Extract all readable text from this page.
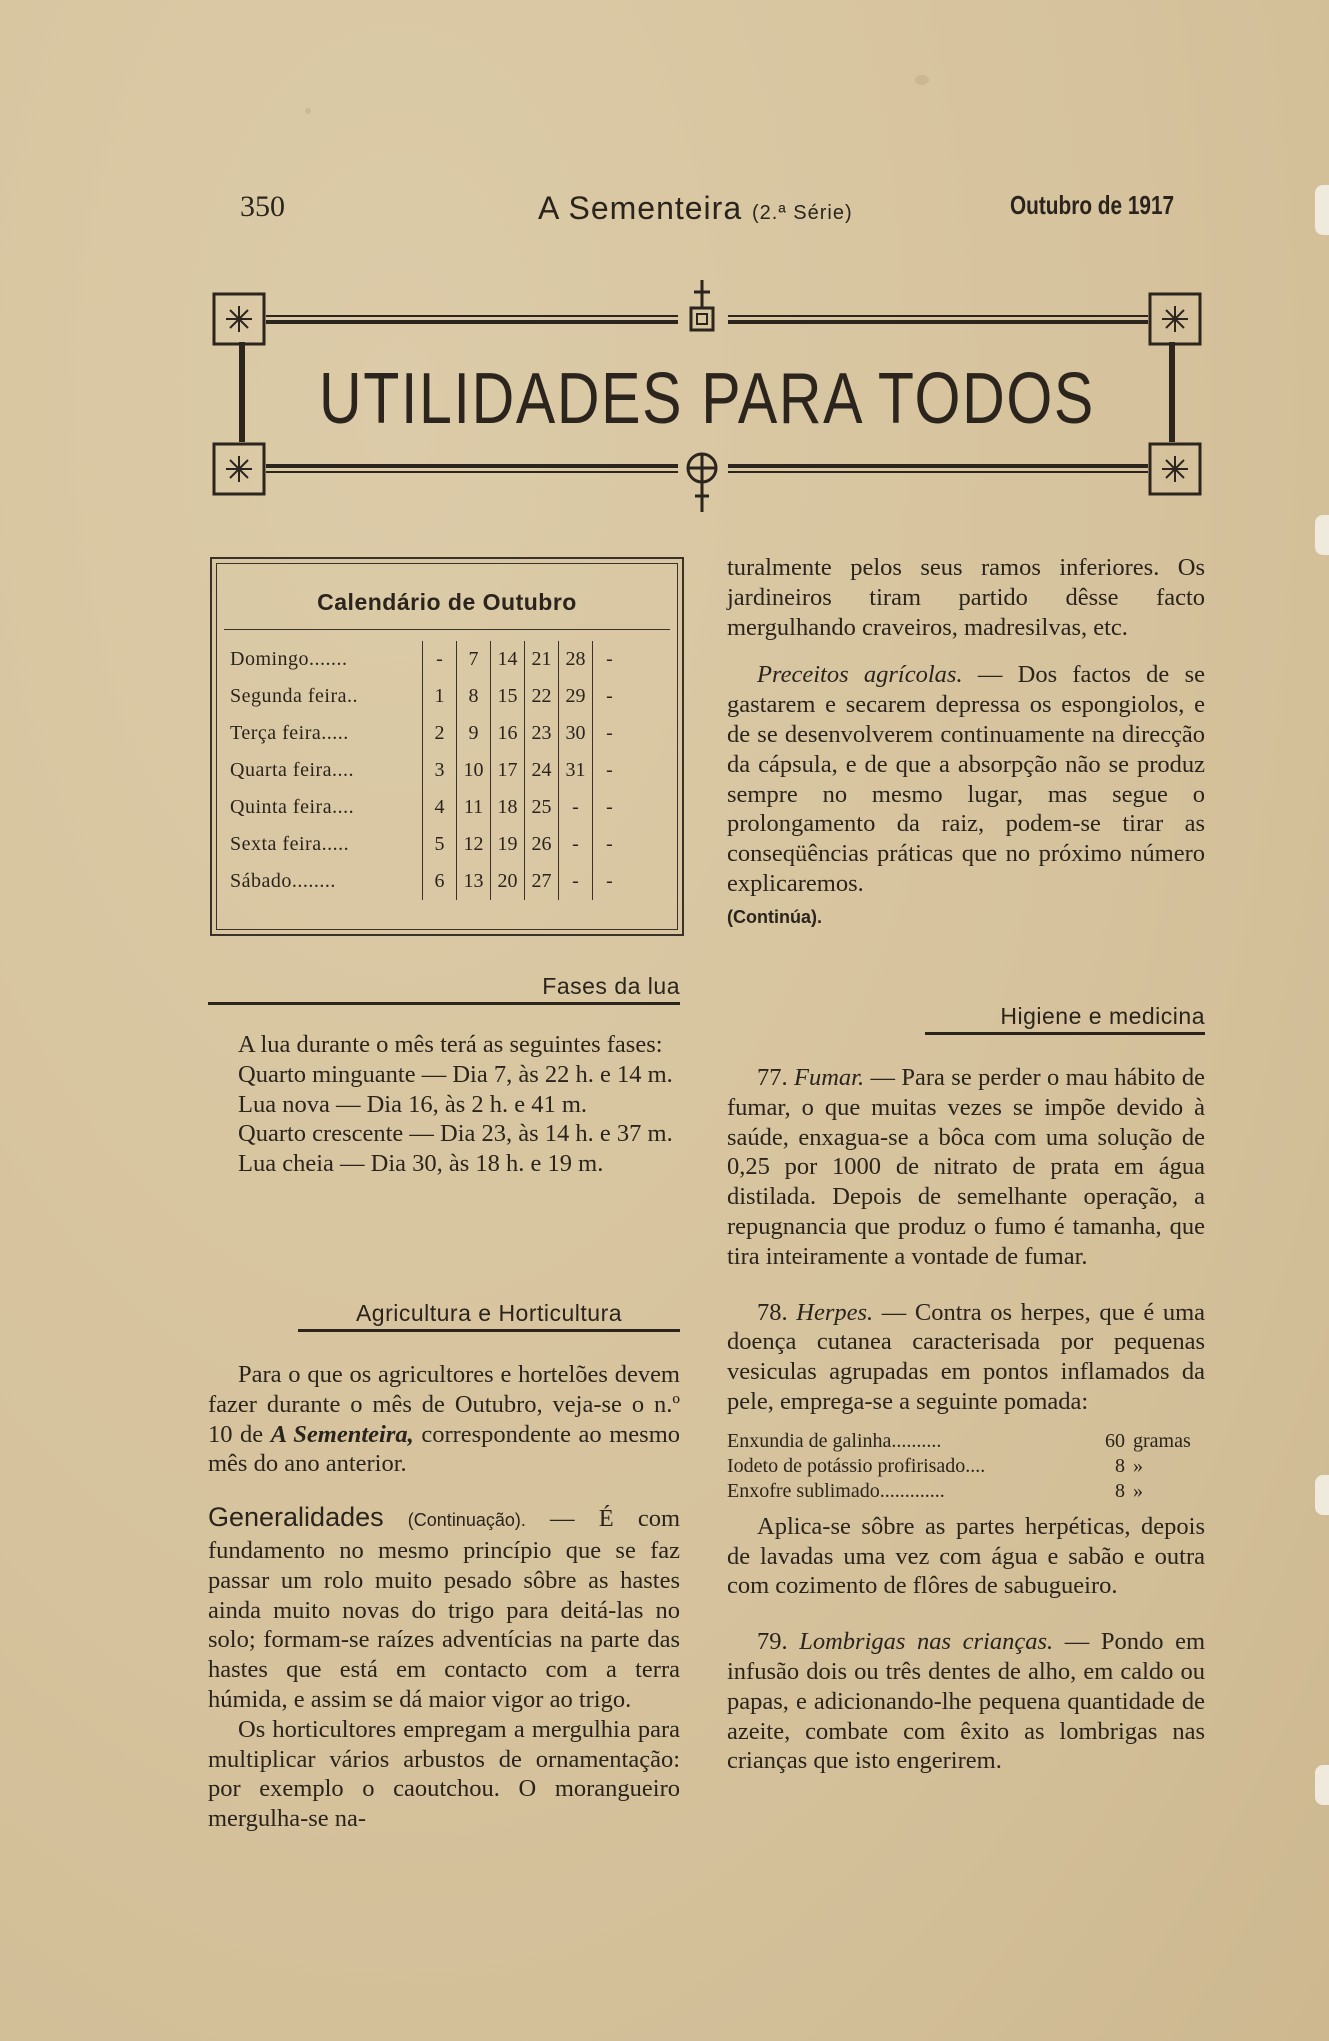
350	A Sementeira (2.ª Série)	Outubro de 1917
UTILIDADES PARA TODOS
Calendário de Outubro
Domingo.......	-	7	14	21	28	-
Segunda feira..	1	8	15	22	29	-
Terça feira.....	2	9	16	23	30	-
Quarta feira....	3	10	17	24	31	-
Quinta feira....	4	11	18	25	-	-
Sexta feira.....	5	12	19	26	-	-
Sábado........	6	13	20	27	-	-
Fases da lua

A lua durante o mês terá as seguintes fases:

Quarto minguante — Dia 7, às 22 h. e 14 m.

Lua nova — Dia 16, às 2 h. e 41 m.

Quarto crescente — Dia 23, às 14 h. e 37 m.

Lua cheia — Dia 30, às 18 h. e 19 m.

Agricultura e Horticultura

Para o que os agricultores e hortelões devem fazer durante o mês de Outubro, veja-se o n.º 10 de A Sementeira, correspondente ao mesmo mês do ano anterior.

Generalidades (Continuação). — É com fundamento no mesmo princípio que se faz passar um rolo muito pesado sôbre as hastes ainda muito novas do trigo para deitá-las no solo; formam-se raízes adventícias na parte das hastes que está em contacto com a terra húmida, e assim se dá maior vigor ao trigo.

Os horticultores empregam a mergulhia para multiplicar vários arbustos de ornamentação: por exemplo o caoutchou. O morangueiro mergulha-se na-

turalmente pelos seus ramos inferiores. Os jardineiros tiram partido dêsse facto mergulhando craveiros, madresilvas, etc.

Preceitos agrícolas. — Dos factos de se gastarem e secarem depressa os espongiolos, e de se desenvolverem continuamente na direcção da cápsula, e de que a absorpção não se produz sempre no mesmo lugar, mas segue o prolongamento da raiz, podem-se tirar as conseqüências práticas que no próximo número explicaremos.

(Continúa).

Higiene e medicina

77. Fumar. — Para se perder o mau hábito de fumar, o que muitas vezes se impõe devido à saúde, enxagua-se a bôca com uma solução de 0,25 por 1000 de nitrato de prata em água distilada. Depois de semelhante operação, a repugnancia que produz o fumo é tamanha, que tira inteiramente a vontade de fumar.

78. Herpes. — Contra os herpes, que é uma doença cutanea caracterisada por pequenas vesiculas agrupadas em pontos inflamados da pele, emprega-se a seguinte pomada:

Enxundia de galinha..........	60 gramas
Iodeto de potássio profirisado....	8 »
Enxofre sublimado.............	8 »

Aplica-se sôbre as partes herpéticas, depois de lavadas uma vez com água e sabão e outra com cozimento de flôres de sabugueiro.

79. Lombrigas nas crianças. — Pondo em infusão dois ou três dentes de alho, em caldo ou papas, e adicionando-lhe pequena quantidade de azeite, combate com êxito as lombrigas nas crianças que isto engerirem.
